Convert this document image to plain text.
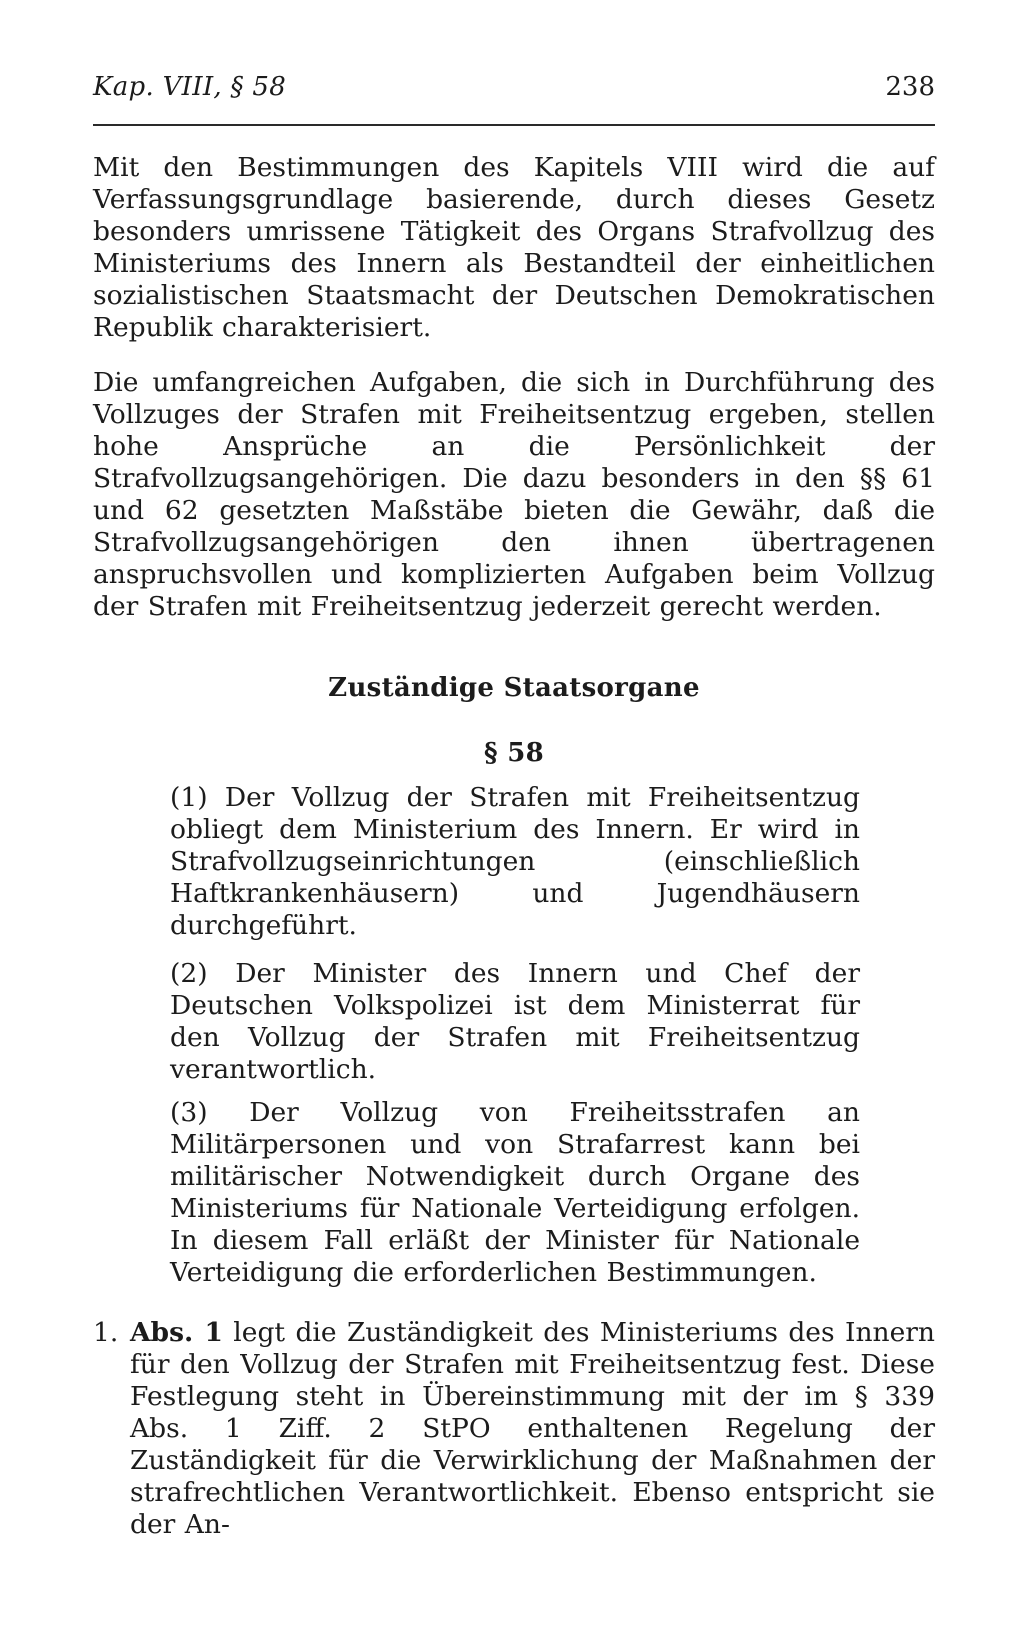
Kap. VIII, § 58	238

Mit den Bestimmungen des Kapitels VIII wird die auf Verfassungsgrundlage basierende, durch dieses Gesetz besonders umrissene Tätigkeit des Organs Strafvollzug des Ministeriums des Innern als Bestandteil der einheitlichen sozialistischen Staatsmacht der Deutschen Demokratischen Republik charakterisiert.

Die umfangreichen Aufgaben, die sich in Durchführung des Vollzuges der Strafen mit Freiheitsentzug ergeben, stellen hohe Ansprüche an die Persönlichkeit der Strafvollzugsangehörigen. Die dazu besonders in den §§ 61 und 62 gesetzten Maßstäbe bieten die Gewähr, daß die Strafvollzugsangehörigen den ihnen übertragenen anspruchsvollen und komplizierten Aufgaben beim Vollzug der Strafen mit Freiheitsentzug jederzeit gerecht werden.

Zuständige Staatsorgane
§ 58

(1) Der Vollzug der Strafen mit Freiheitsentzug obliegt dem Ministerium des Innern. Er wird in Strafvollzugseinrichtungen (einschließlich Haftkrankenhäusern) und Jugendhäusern durchgeführt.

(2) Der Minister des Innern und Chef der Deutschen Volkspolizei ist dem Ministerrat für den Vollzug der Strafen mit Freiheitsentzug verantwortlich.

(3) Der Vollzug von Freiheitsstrafen an Militärpersonen und von Strafarrest kann bei militärischer Notwendigkeit durch Organe des Ministeriums für Nationale Verteidigung erfolgen. In diesem Fall erläßt der Minister für Nationale Verteidigung die erforderlichen Bestimmungen.

1. Abs. 1 legt die Zuständigkeit des Ministeriums des Innern für den Vollzug der Strafen mit Freiheitsentzug fest. Diese Festlegung steht in Übereinstimmung mit der im § 339 Abs. 1 Ziff. 2 StPO enthaltenen Regelung der Zuständigkeit für die Verwirklichung der Maßnahmen der strafrechtlichen Verantwortlichkeit. Ebenso entspricht sie der An-
